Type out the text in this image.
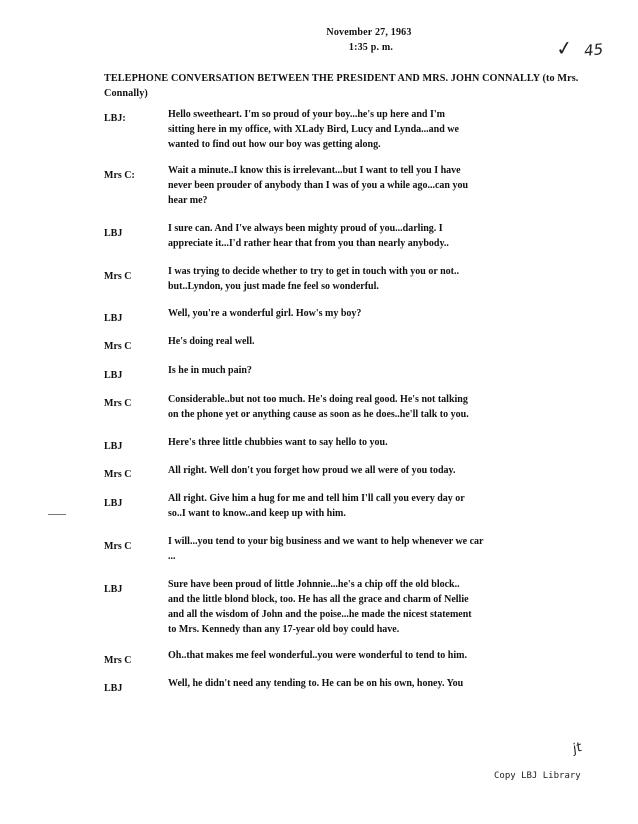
November 27, 1963
1:35 p. m.	✓ 45
TELEPHONE CONVERSATION BETWEEN THE PRESIDENT AND MRS. JOHN CONNALLY (to Mrs. Connally)
LBJ:	Hello sweetheart. I'm so proud of your boy...he's up here and I'm
sitting here in my office, with XLady Bird, Lucy and Lynda...and we
wanted to find out how our boy was getting along.
Mrs C:	Wait a minute..I know this is irrelevant...but I want to tell you I have
never been prouder of anybody than I was of you a while ago...can you
hear me?
LBJ	I sure can. And I've always been mighty proud of you...darling. I
appreciate it...I'd rather hear that from you than nearly anybody..
Mrs C	I was trying to decide whether to try to get in touch with you or not..
but..Lyndon, you just made fne feel so wonderful.
LBJ	Well, you're a wonderful girl. How's my boy?
Mrs C	He's doing real well.
LBJ	Is he in much pain?
Mrs C	Considerable..but not too much. He's doing real good. He's not talking
on the phone yet or anything cause as soon as he does..he'll talk to you.
LBJ	Here's three little chubbies want to say hello to you.
Mrs C	All right. Well don't you forget how proud we all were of you today.
LBJ	All right. Give him a hug for me and tell him I'll call you every day or
so..I want to know..and keep up with him.
Mrs C	I will...you tend to your big business and we want to help whenever we car
...
LBJ	Sure have been proud of little Johnnie...he's a chip off the old block..
and the little blond block, too. He has all the grace and charm of Nellie
and all the wisdom of John and the poise...he made the nicest statement
to Mrs. Kennedy than any 17-year old boy could have.
Mrs C	Oh..that makes me feel wonderful..you were wonderful to tend to him.
LBJ	Well, he didn't need any tending to. He can be on his own, honey. You
jt
Copy LBJ Library
